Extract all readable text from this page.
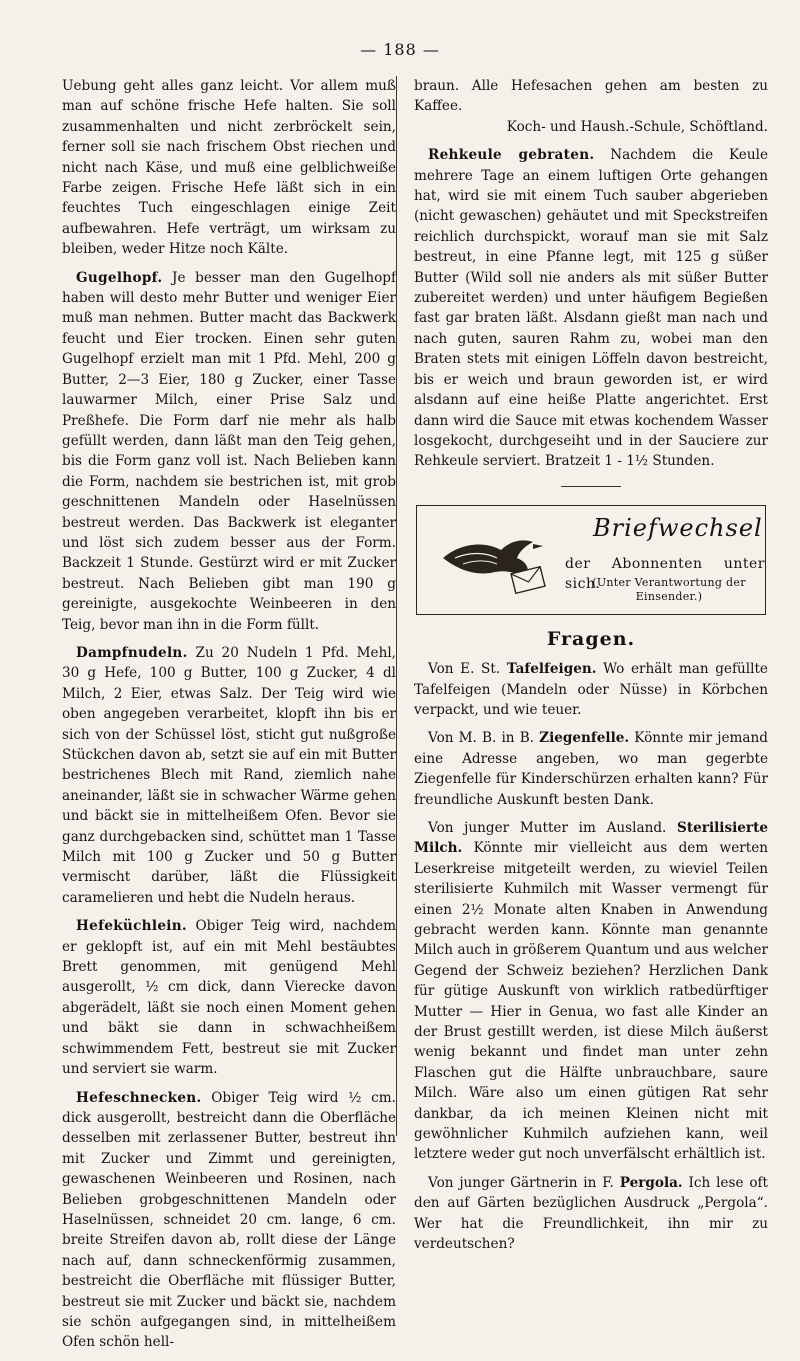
— 188 —

Uebung geht alles ganz leicht. Vor allem muß man auf schöne frische Hefe halten. Sie soll zusammenhalten und nicht zerbröckelt sein, ferner soll sie nach frischem Obst riechen und nicht nach Käse, und muß eine gelblichweiße Farbe zeigen. Frische Hefe läßt sich in ein feuchtes Tuch eingeschlagen einige Zeit aufbewahren. Hefe verträgt, um wirksam zu bleiben, weder Hitze noch Kälte.

Gugelhopf. Je besser man den Gugelhopf haben will desto mehr Butter und weniger Eier muß man nehmen. Butter macht das Backwerk feucht und Eier trocken. Einen sehr guten Gugelhopf erzielt man mit 1 Pfd. Mehl, 200 g Butter, 2—3 Eier, 180 g Zucker, einer Tasse lauwarmer Milch, einer Prise Salz und Preßhefe. Die Form darf nie mehr als halb gefüllt werden, dann läßt man den Teig gehen, bis die Form ganz voll ist. Nach Belieben kann die Form, nachdem sie bestrichen ist, mit grob geschnittenen Mandeln oder Haselnüssen bestreut werden. Das Backwerk ist eleganter und löst sich zudem besser aus der Form. Backzeit 1 Stunde. Gestürzt wird er mit Zucker bestreut. Nach Belieben gibt man 190 g gereinigte, ausgekochte Weinbeeren in den Teig, bevor man ihn in die Form füllt.

Dampfnudeln. Zu 20 Nudeln 1 Pfd. Mehl, 30 g Hefe, 100 g Butter, 100 g Zucker, 4 dl Milch, 2 Eier, etwas Salz. Der Teig wird wie oben angegeben verarbeitet, klopft ihn bis er sich von der Schüssel löst, sticht gut nußgroße Stückchen davon ab, setzt sie auf ein mit Butter bestrichenes Blech mit Rand, ziemlich nahe aneinander, läßt sie in schwacher Wärme gehen und bäckt sie in mittelheißem Ofen. Bevor sie ganz durchgebacken sind, schüttet man 1 Tasse Milch mit 100 g Zucker und 50 g Butter vermischt darüber, läßt die Flüssigkeit caramelieren und hebt die Nudeln heraus.

Hefeküchlein. Obiger Teig wird, nachdem er geklopft ist, auf ein mit Mehl bestäubtes Brett genommen, mit genügend Mehl ausgerollt, ½ cm dick, dann Vierecke davon abgerädelt, läßt sie noch einen Moment gehen und bäkt sie dann in schwachheißem schwimmendem Fett, bestreut sie mit Zucker und serviert sie warm.

Hefeschnecken. Obiger Teig wird ½ cm. dick ausgerollt, bestreicht dann die Oberfläche desselben mit zerlassener Butter, bestreut ihn mit Zucker und Zimmt und gereinigten, gewaschenen Weinbeeren und Rosinen, nach Belieben grobgeschnittenen Mandeln oder Haselnüssen, schneidet 20 cm. lange, 6 cm. breite Streifen davon ab, rollt diese der Länge nach auf, dann schneckenförmig zusammen, bestreicht die Oberfläche mit flüssiger Butter, bestreut sie mit Zucker und bäckt sie, nachdem sie schön aufgegangen sind, in mittelheißem Ofen schön hell-

braun. Alle Hefesachen gehen am besten zu Kaffee.

Koch- und Haush.-Schule, Schöftland.

Rehkeule gebraten. Nachdem die Keule mehrere Tage an einem luftigen Orte gehangen hat, wird sie mit einem Tuch sauber abgerieben (nicht gewaschen) gehäutet und mit Speckstreifen reichlich durchspickt, worauf man sie mit Salz bestreut, in eine Pfanne legt, mit 125 g süßer Butter (Wild soll nie anders als mit süßer Butter zubereitet werden) und unter häufigem Begießen fast gar braten läßt. Alsdann gießt man nach und nach guten, sauren Rahm zu, wobei man den Braten stets mit einigen Löffeln davon bestreicht, bis er weich und braun geworden ist, er wird alsdann auf eine heiße Platte angerichtet. Erst dann wird die Sauce mit etwas kochendem Wasser losgekocht, durchgeseiht und in der Sauciere zur Rehkeule serviert. Bratzeit 1 - 1½ Stunden.

Briefwechsel
der Abonnenten unter sich.
(Unter Verantwortung der Einsender.)
Fragen.

Von E. St. Tafelfeigen. Wo erhält man gefüllte Tafelfeigen (Mandeln oder Nüsse) in Körbchen verpackt, und wie teuer.

Von M. B. in B. Ziegenfelle. Könnte mir jemand eine Adresse angeben, wo man gegerbte Ziegenfelle für Kinderschürzen erhalten kann? Für freundliche Auskunft besten Dank.

Von junger Mutter im Ausland. Sterilisierte Milch. Könnte mir vielleicht aus dem werten Leserkreise mitgeteilt werden, zu wieviel Teilen sterilisierte Kuhmilch mit Wasser vermengt für einen 2½ Monate alten Knaben in Anwendung gebracht werden kann. Könnte man genannte Milch auch in größerem Quantum und aus welcher Gegend der Schweiz beziehen? Herzlichen Dank für gütige Auskunft von wirklich ratbedürftiger Mutter — Hier in Genua, wo fast alle Kinder an der Brust gestillt werden, ist diese Milch äußerst wenig bekannt und findet man unter zehn Flaschen gut die Hälfte unbrauchbare, saure Milch. Wäre also um einen gütigen Rat sehr dankbar, da ich meinen Kleinen nicht mit gewöhnlicher Kuhmilch aufziehen kann, weil letztere weder gut noch unverfälscht erhältlich ist.

Von junger Gärtnerin in F. Pergola. Ich lese oft den auf Gärten bezüglichen Ausdruck „Pergola“. Wer hat die Freundlichkeit, ihn mir zu verdeutschen?
